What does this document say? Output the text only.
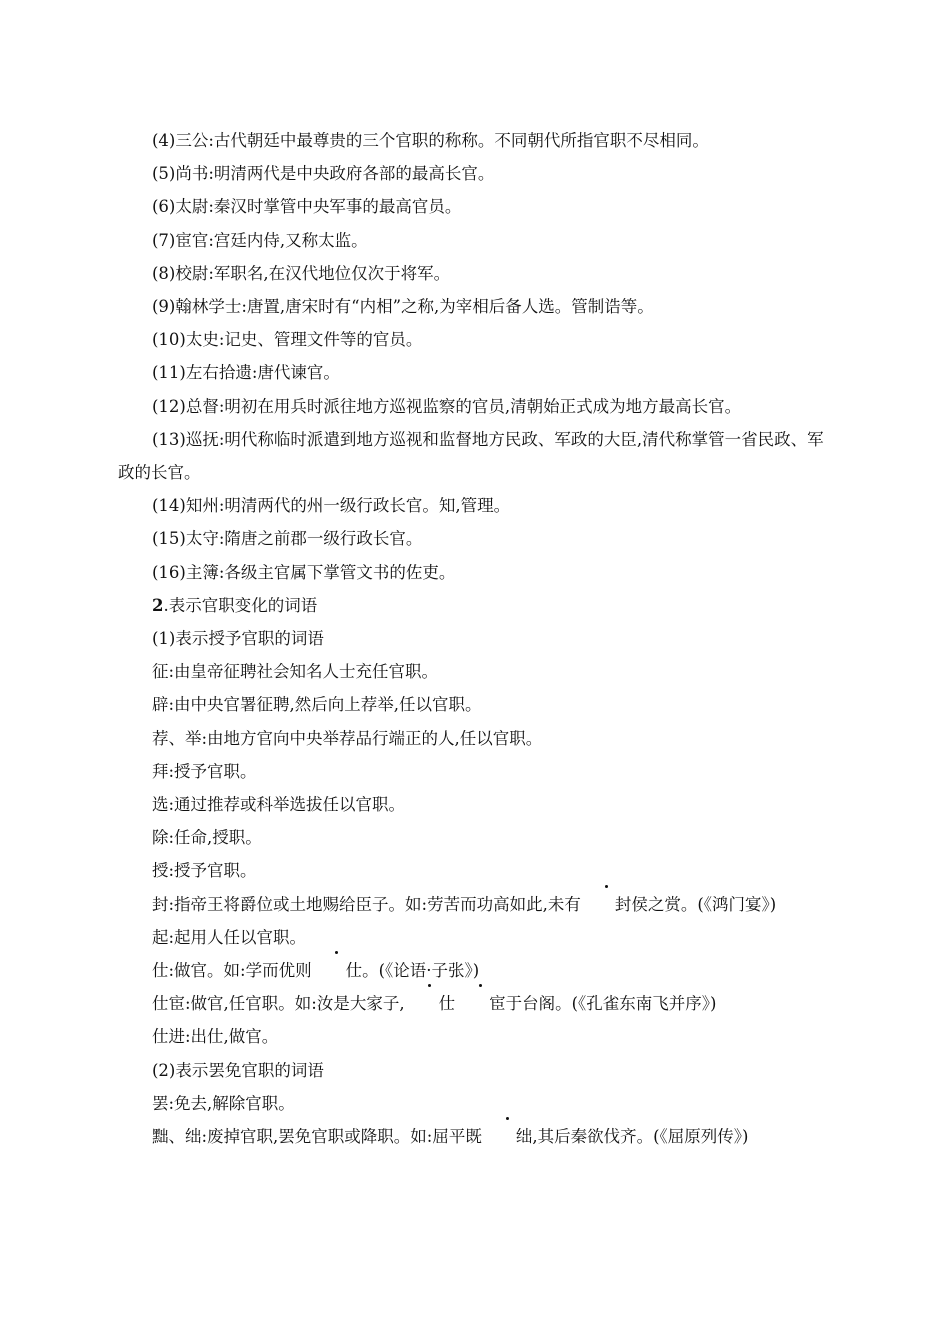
(4)三公:古代朝廷中最尊贵的三个官职的称称。不同朝代所指官职不尽相同。

(5)尚书:明清两代是中央政府各部的最高长官。

(6)太尉:秦汉时掌管中央军事的最高官员。

(7)宦官:宫廷内侍,又称太监。

(8)校尉:军职名,在汉代地位仅次于将军。

(9)翰林学士:唐置,唐宋时有“内相”之称,为宰相后备人选。管制诰等。

(10)太史:记史、管理文件等的官员。

(11)左右拾遗:唐代谏官。

(12)总督:明初在用兵时派往地方巡视监察的官员,清朝始正式成为地方最高长官。

(13)巡抚:明代称临时派遣到地方巡视和监督地方民政、军政的大臣,清代称掌管一省民政、军政的长官。

(14)知州:明清两代的州一级行政长官。知,管理。

(15)太守:隋唐之前郡一级行政长官。

(16)主簿:各级主官属下掌管文书的佐吏。

2.表示官职变化的词语

(1)表示授予官职的词语

征:由皇帝征聘社会知名人士充任官职。

辟:由中央官署征聘,然后向上荐举,任以官职。

荐、举:由地方官向中央举荐品行端正的人,任以官职。

拜:授予官职。

选:通过推荐或科举选拔任以官职。

除:任命,授职。

授:授予官职。

封:指帝王将爵位或土地赐给臣子。如:劳苦而功高如此,未有 封侯之赏。(《鸿门宴》)

起:起用人任以官职。

仕:做官。如:学而优则 仕。(《论语·子张》)

仕宦:做官,任官职。如:汝是大家子, 仕 宦于台阁。(《孔雀东南飞并序》)

仕进:出仕,做官。

(2)表示罢免官职的词语

罢:免去,解除官职。

黜、绌:废掉官职,罢免官职或降职。如:屈平既 绌,其后秦欲伐齐。(《屈原列传》)
